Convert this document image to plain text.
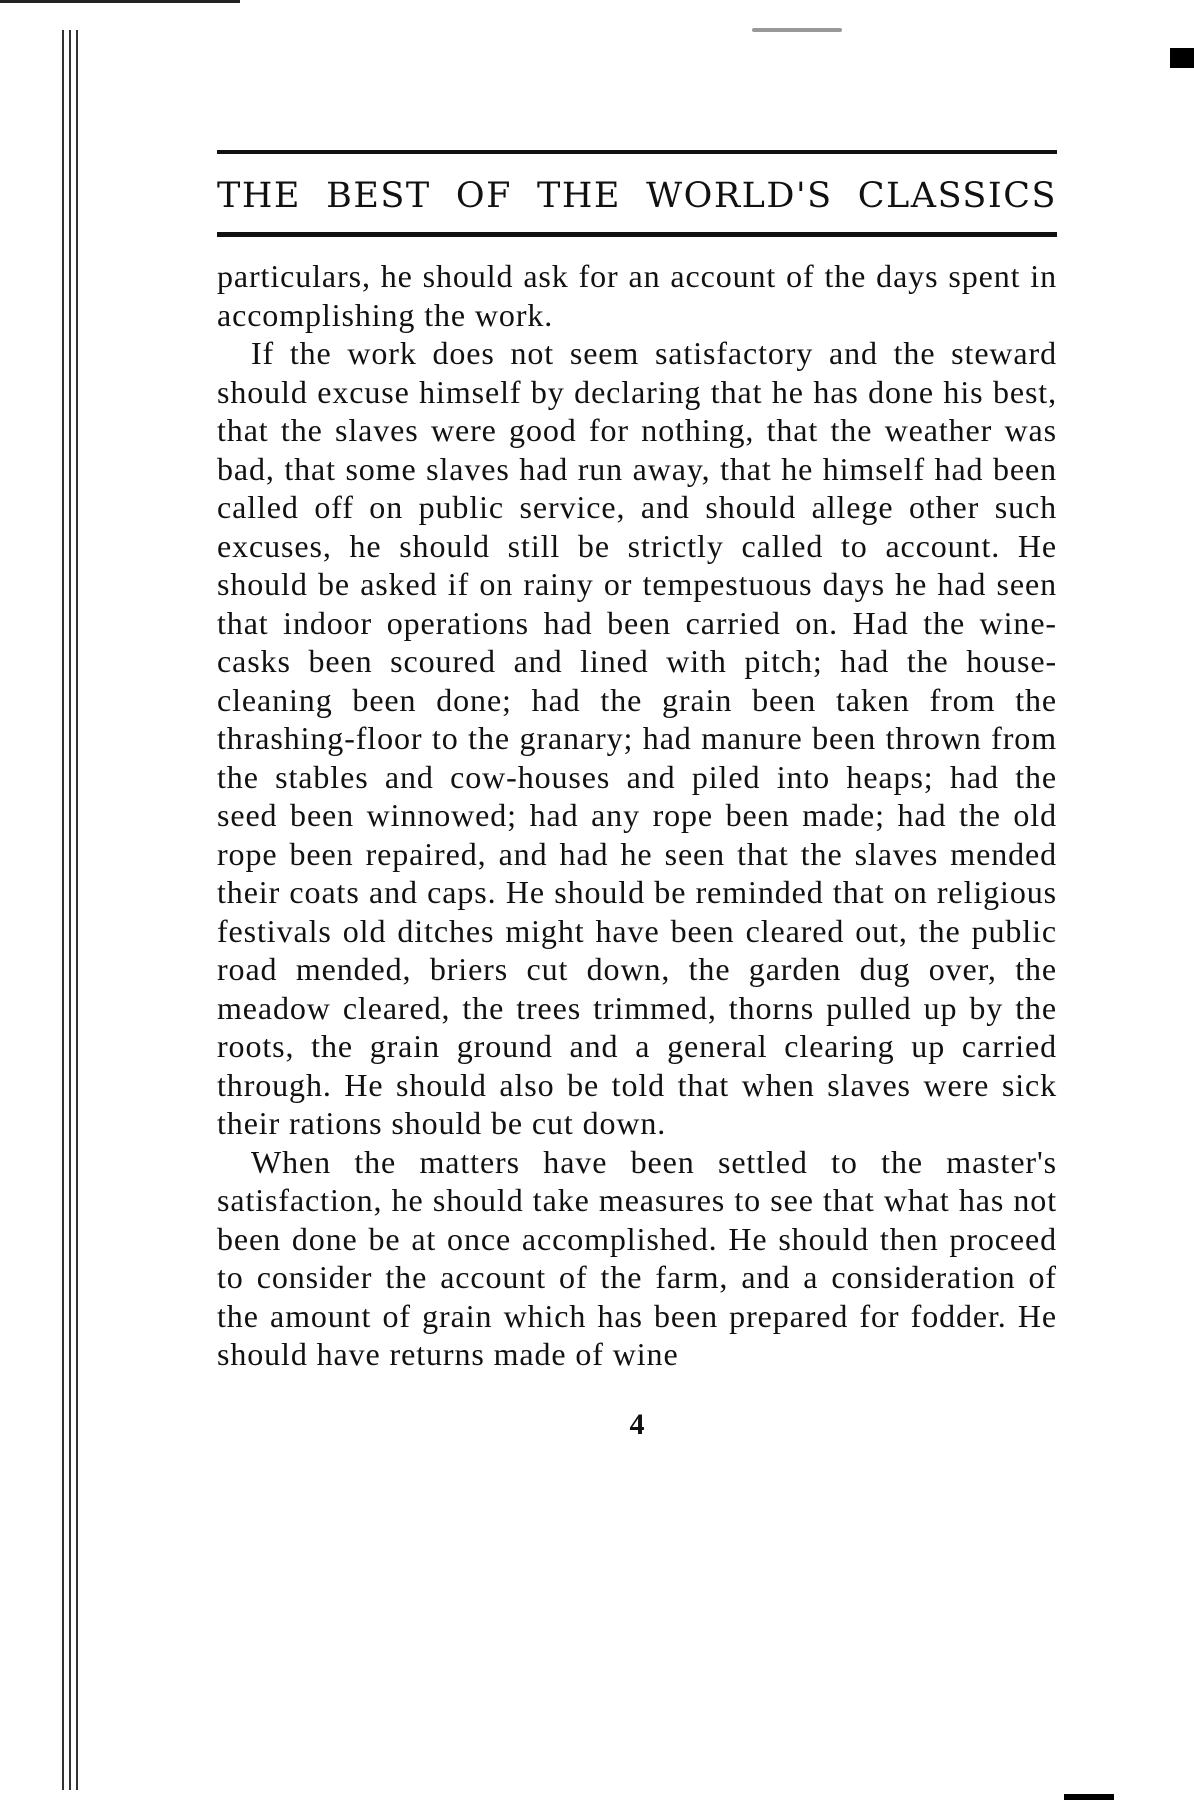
THE BEST OF THE WORLD'S CLASSICS

particulars, he should ask for an account of the days spent in accomplishing the work.

If the work does not seem satisfactory and the steward should excuse himself by declaring that he has done his best, that the slaves were good for nothing, that the weather was bad, that some slaves had run away, that he himself had been called off on public service, and should allege other such excuses, he should still be strictly called to account. He should be asked if on rainy or tempestuous days he had seen that indoor operations had been carried on. Had the wine-casks been scoured and lined with pitch; had the house-cleaning been done; had the grain been taken from the thrashing-floor to the granary; had manure been thrown from the stables and cow-houses and piled into heaps; had the seed been winnowed; had any rope been made; had the old rope been repaired, and had he seen that the slaves mended their coats and caps. He should be reminded that on religious festivals old ditches might have been cleared out, the public road mended, briers cut down, the garden dug over, the meadow cleared, the trees trimmed, thorns pulled up by the roots, the grain ground and a general clearing up carried through. He should also be told that when slaves were sick their rations should be cut down.

When the matters have been settled to the master's satisfaction, he should take measures to see that what has not been done be at once accomplished. He should then proceed to consider the account of the farm, and a consideration of the amount of grain which has been prepared for fodder. He should have returns made of wine

4
